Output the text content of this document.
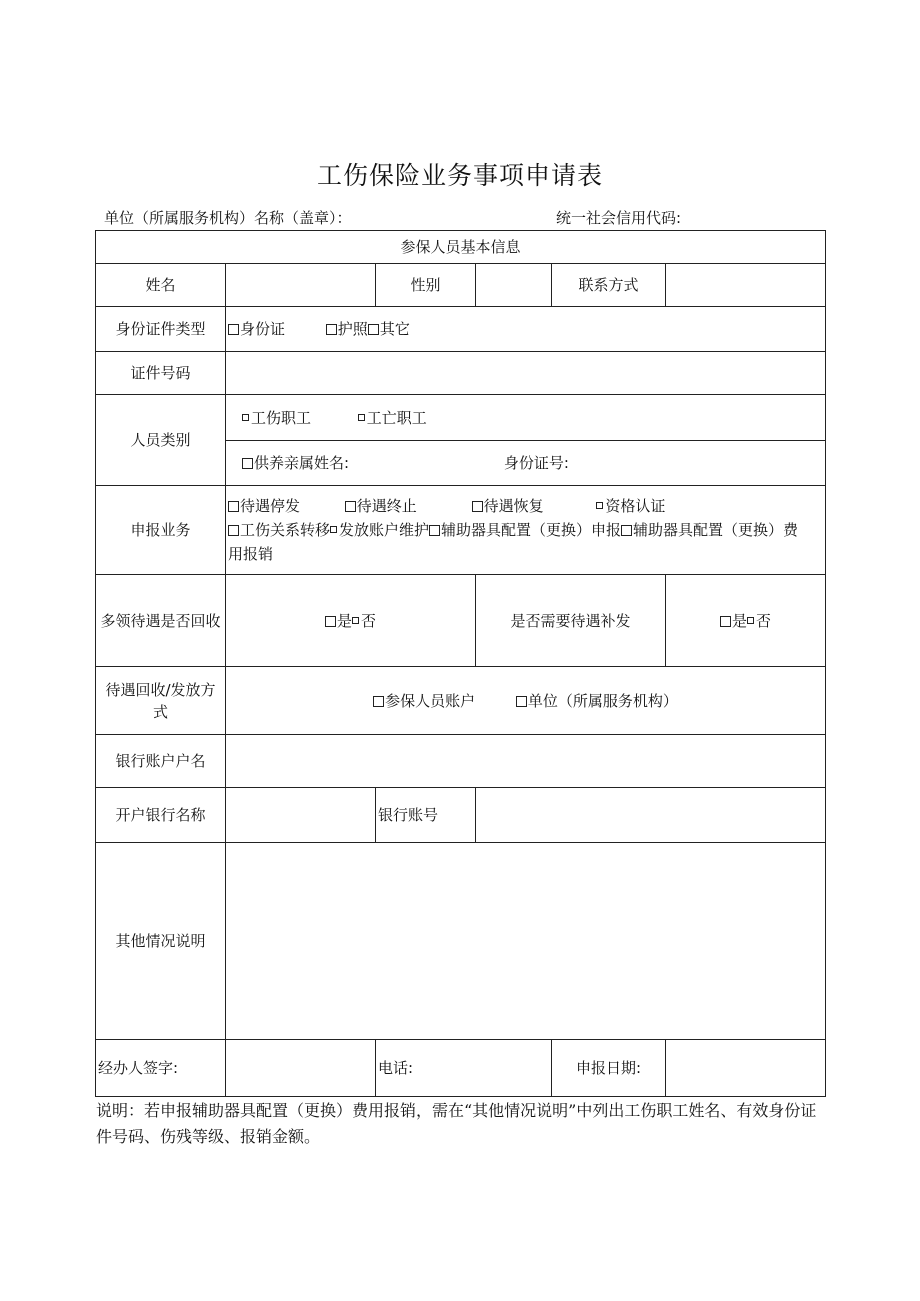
工伤保险业务事项申请表
单位（所属服务机构）名称（盖章）：	统一社会信用代码:
参保人员基本信息					
姓名		性别		联系方式	
身份证件类型	身份证 护照 其它				
证件号码					
人员类别	工伤职工 工亡职工				
	供养亲属姓名: 身份证号:				
申报业务	待遇停发 待遇终止 待遇恢复 资格认证
工伤关系转移 发放账户维护 辅助器具配置（更换）申报 辅助器具配置（更换）费
用报销				

多领待遇是否回收	是 否		是否需要待遇补发		是 否

待遇回收/发放方
式	参保人员账户 单位（所属服务机构）				
银行账户户名					
开户银行名称		银行账号			
其他情况说明					
经办人签字:		电话:		申报日期:	
说明：若申报辅助器具配置（更换）费用报销，需在“其他情况说明”中列出工伤职工姓名、有效身份证件号码、伤残等级、报销金额。
